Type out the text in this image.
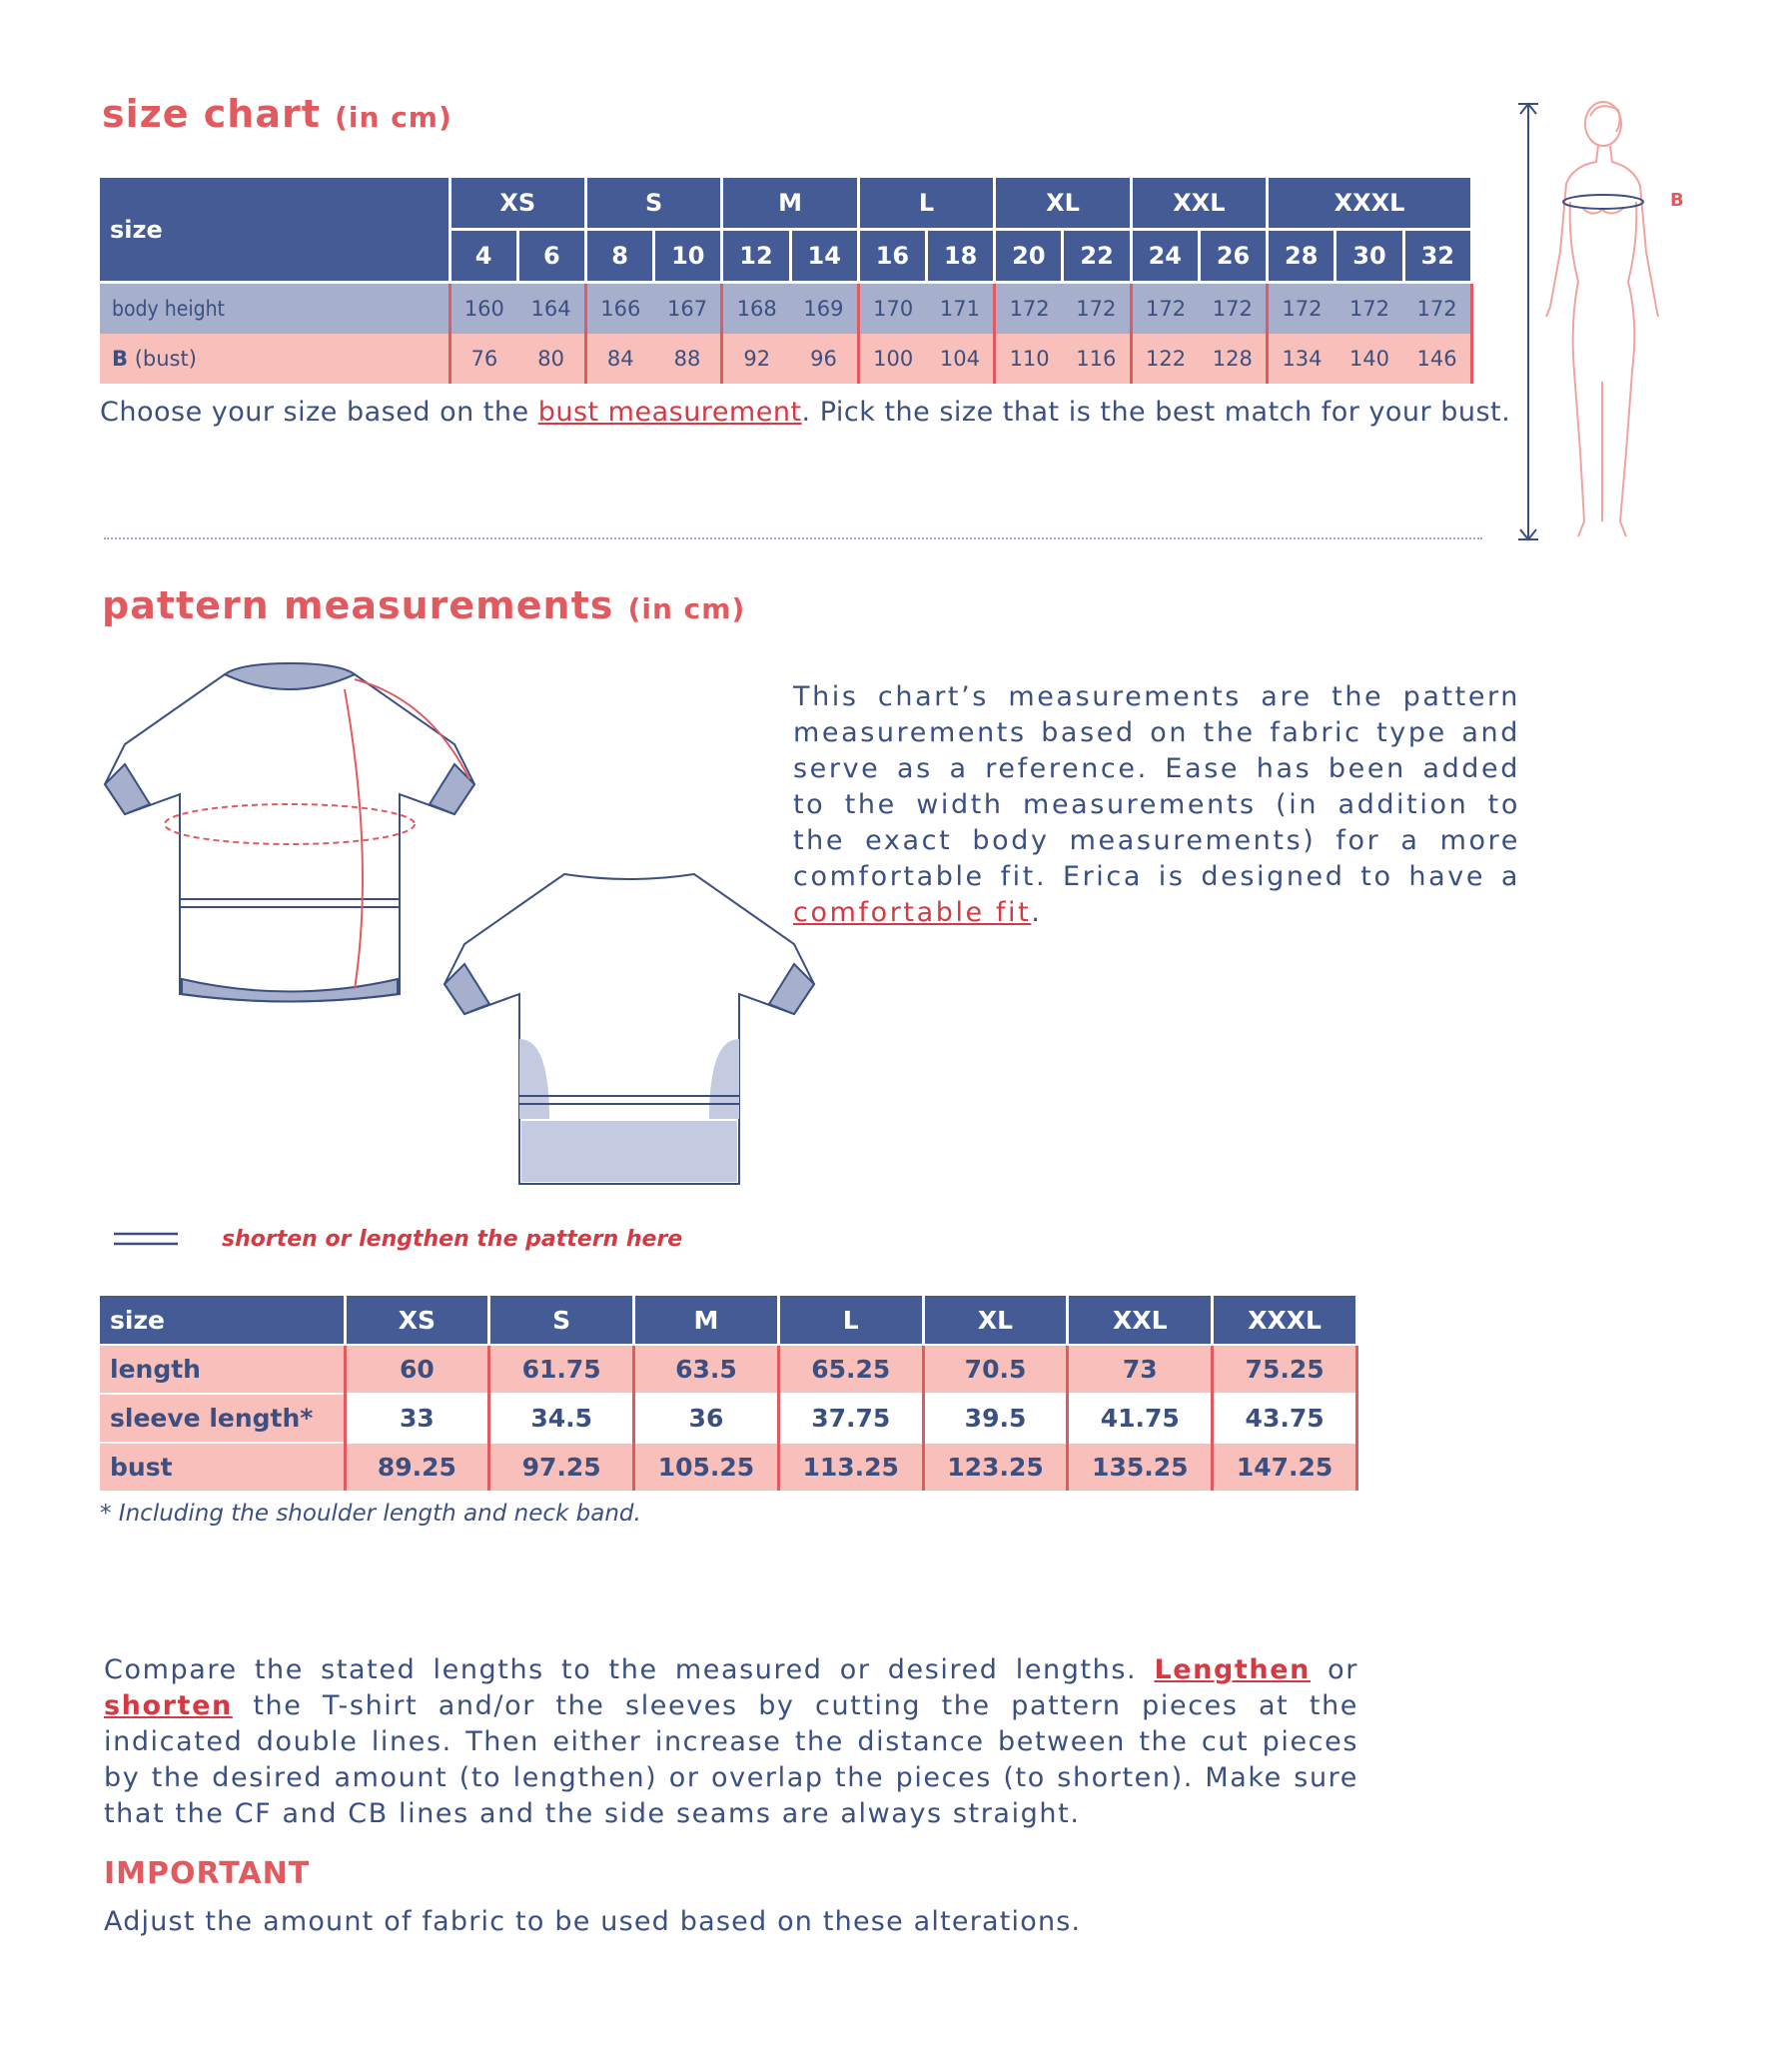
size chart (in cm)
size	XS		S		M		L		XL		XXL		XXXL		
	4	6	8	10	12	14	16	18	20	22	24	26	28	30	32
body height	160	164	166	167	168	169	170	171	172	172	172	172	172	172	172
B (bust)	76	80	84	88	92	96	100	104	110	116	122	128	134	140	146
Choose your size based on the bust measurement. Pick the size that is the best match for your bust.
B
pattern measurements (in cm)
This chart’s measurements are the pattern measurements based on the fabric type and serve as a reference. Ease has been added to the width measurements (in addition to the exact body measurements) for a more comfortable fit. Erica is designed to have a comfortable fit.
shorten or lengthen the pattern here
size	XS	S	M	L	XL	XXL	XXXL
length	60	61.75	63.5	65.25	70.5	73	75.25
sleeve length*	33	34.5	36	37.75	39.5	41.75	43.75
bust	89.25	97.25	105.25	113.25	123.25	135.25	147.25
* Including the shoulder length and neck band.
Compare the stated lengths to the measured or desired lengths. Lengthen or shorten the T-shirt and/or the sleeves by cutting the pattern pieces at the indicated double lines. Then either increase the distance between the cut pieces by the desired amount (to lengthen) or overlap the pieces (to shorten). Make sure that the CF and CB lines and the side seams are always straight.
IMPORTANT
Adjust the amount of fabric to be used based on these alterations.
